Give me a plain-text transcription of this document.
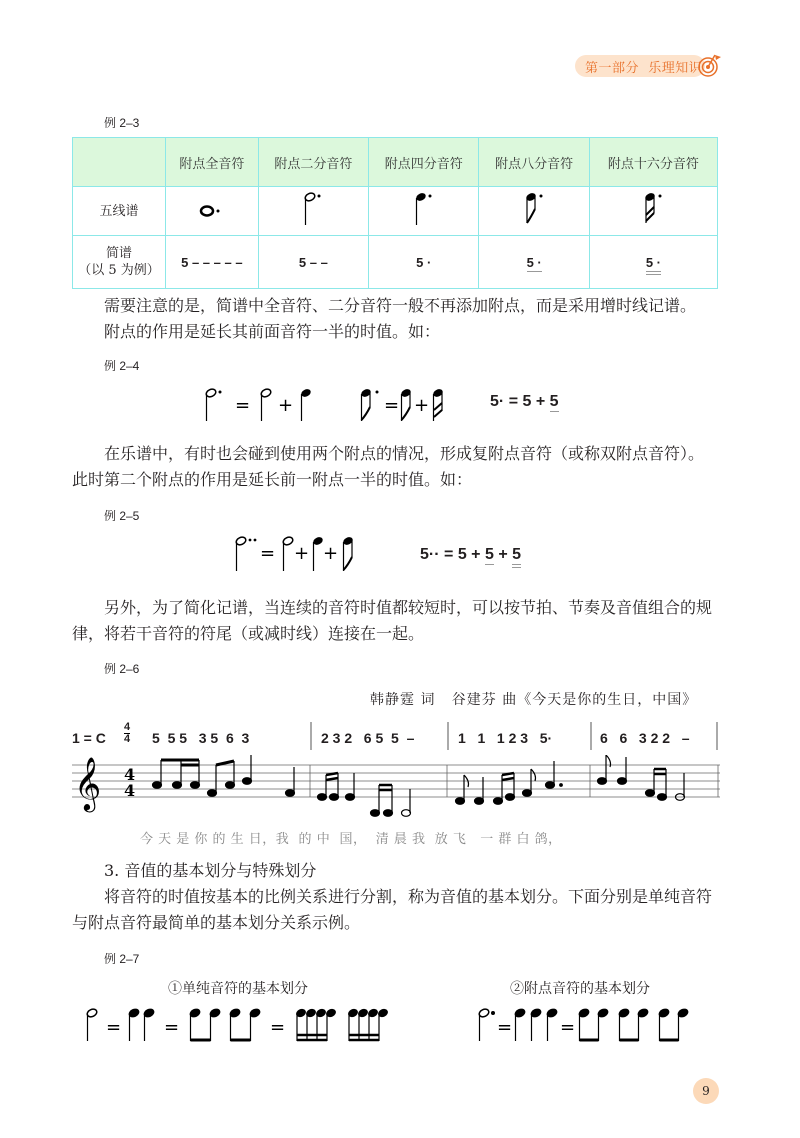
第一部分 乐理知识
例 2–3
	附点全音符	附点二分音符	附点四分音符	附点八分音符	附点十六分音符
五线谱					

简谱
（以 5 为例）	5 – – – – –	5 – –	5 ·	5 ·	5 ·
需要注意的是，简谱中全音符、二分音符一般不再添加附点，而是采用增时线记谱。
附点的作用是延长其前面音符一半的时值。如：
例 2–4
= +	= +	5· = 5 + 5
在乐谱中，有时也会碰到使用两个附点的情况，形成复附点音符（或称双附点音符）。
此时第二个附点的作用是延长前一附点一半的时值。如：
例 2–5
= + +	5·· = 5 + 5 + 5
另外，为了简化记谱，当连续的音符时值都较短时，可以按节拍、节奏及音值组合的规
律，将若干音符的符尾（或减时线）连接在一起。
例 2–6
韩静霆 词   谷建芬 曲《今天是你的生日，中国》
1 = C
4
4 5  5 5   3 5  6  3	2 3 2   6 5  5  –	1   1   1 2 3   5·	6   6   3 2 2   –
𝄞 4
4
今 天 是 你 的 生 日，我  的 中  国，  清 晨 我  放 飞   一 群 白 鸽，
3. 音值的基本划分与特殊划分
将音符的时值按基本的比例关系进行分割，称为音值的基本划分。下面分别是单纯音符
与附点音符最简单的基本划分关系示例。
例 2–7
①单纯音符的基本划分	②附点音符的基本划分
= =	=	=	=
9
